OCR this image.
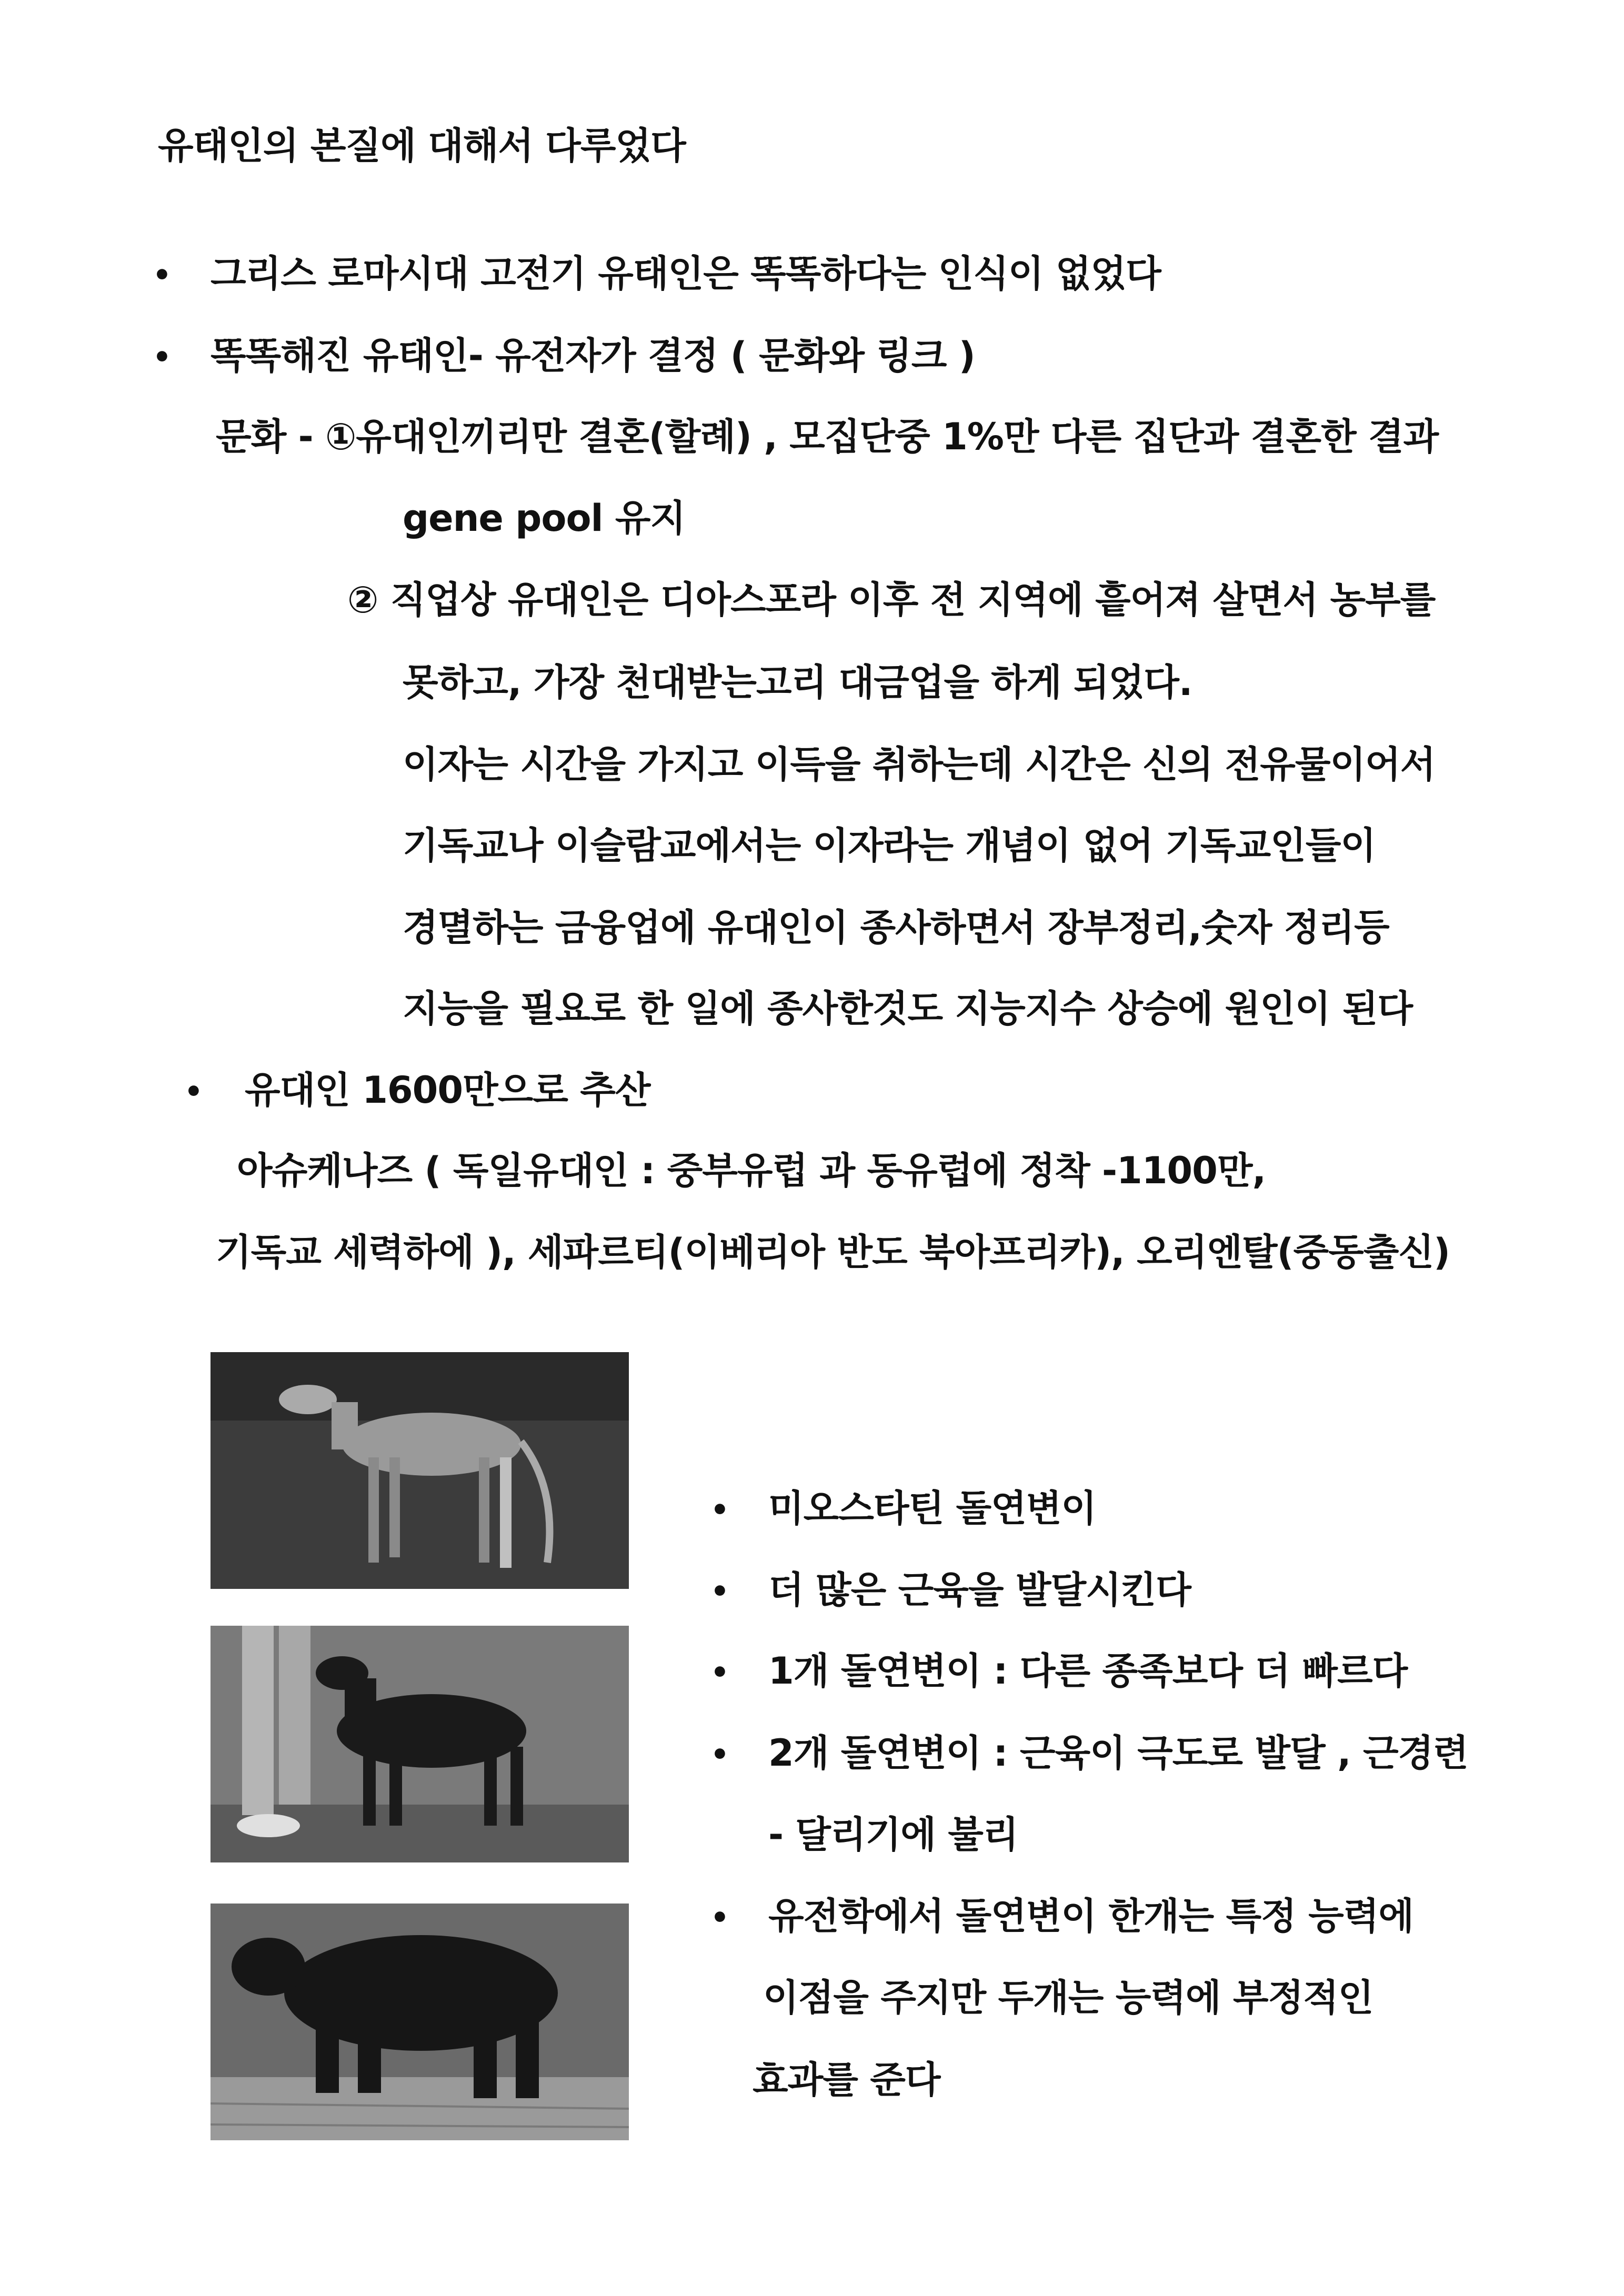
유태인의 본질에 대해서 다루었다
• 그리스 로마시대 고전기 유태인은 똑똑하다는 인식이 없었다
• 똑똑해진 유태인- 유전자가 결정 ( 문화와 링크 )
문화 - ①유대인끼리만 결혼(할례) , 모집단중 1%만 다른 집단과 결혼한 결과
gene pool 유지
② 직업상 유대인은 디아스포라 이후 전 지역에 흩어져 살면서 농부를
못하고, 가장 천대받는고리 대금업을 하게 되었다.
이자는 시간을 가지고 이득을 취하는데 시간은 신의 전유물이어서
기독교나 이슬람교에서는 이자라는 개념이 없어 기독교인들이
경멸하는 금융업에 유대인이 종사하면서 장부정리,숫자 정리등
지능을 필요로 한 일에 종사한것도 지능지수 상승에 원인이 된다
• 유대인 1600만으로 추산
아슈케나즈 ( 독일유대인 : 중부유럽 과 동유럽에 정착 -1100만,
기독교 세력하에 ), 세파르티(이베리아 반도 북아프리카), 오리엔탈(중동출신)
• 미오스타틴 돌연변이
• 더 많은 근육을 발달시킨다
• 1개 돌연변이 : 다른 종족보다 더 빠르다
• 2개 돌연변이 : 근육이 극도로 발달 , 근경련
- 달리기에 불리
• 유전학에서 돌연변이 한개는 특정 능력에
이점을 주지만 두개는 능력에 부정적인
효과를 준다
